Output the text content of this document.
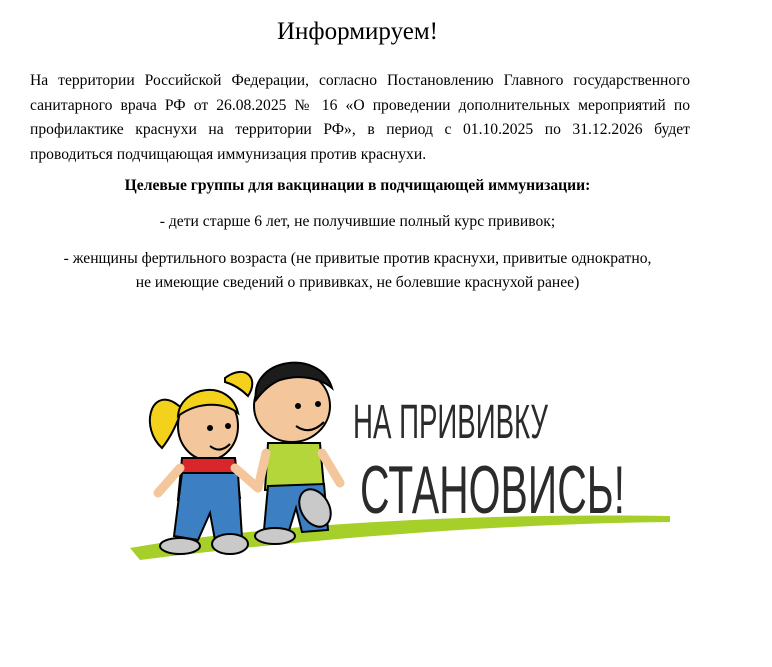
Информируем!

На территории Российской Федерации, согласно Постановлению Главного государственного санитарного врача РФ от 26.08.2025 № 16 «О проведении дополнительных мероприятий по профилактике краснухи на территории РФ», в период с 01.10.2025 по 31.12.2026 будет проводиться подчищающая иммунизация против краснухи.

Целевые группы для вакцинации в подчищающей иммунизации:

- дети старше 6 лет, не получившие полный курс прививок;

- женщины фертильного возраста (не привитые против краснухи, привитые однократно,

не имеющие сведений о прививках, не болевшие краснухой ранее)

НА ПРИВИВКУ
СТАНОВИСЬ!
